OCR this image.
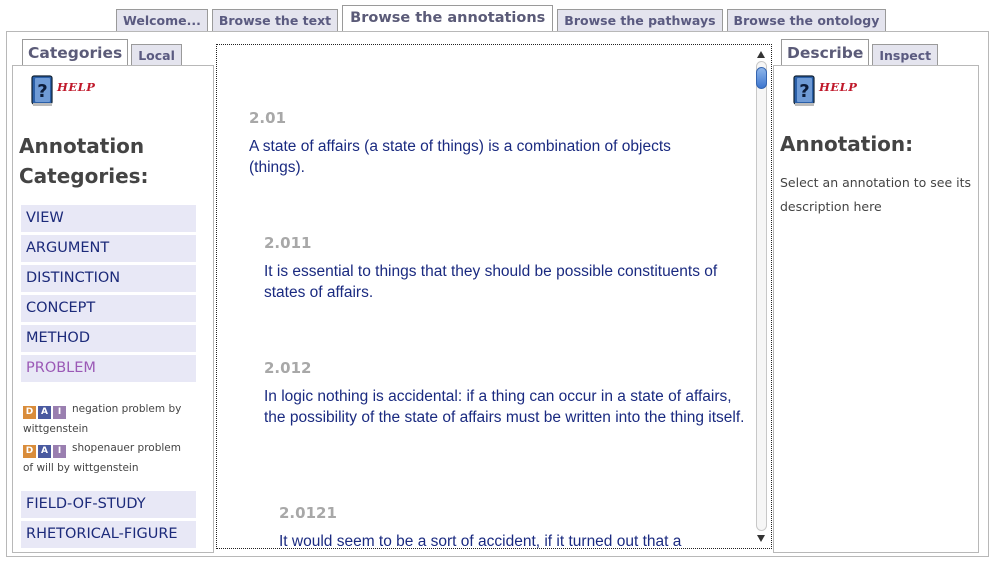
Welcome...	Browse the text	Browse the annotations	Browse the pathways	Browse the ontology
Categories	Local
? HELP
Annotation
Categories:
VIEW
ARGUMENT
DISTINCTION
CONCEPT
METHOD
PROBLEM
D A I negation problem by
wittgenstein
D A I shopenauer problem
of will by wittgenstein
FIELD-OF-STUDY
RHETORICAL-FIGURE
2.01
A state of affairs (a state of things) is a combination of objects (things).
2.011
It is essential to things that they should be possible constituents of states of affairs.
2.012
In logic nothing is accidental: if a thing can occur in a state of affairs, the possibility of the state of affairs must be written into the thing itself.
2.0121
It would seem to be a sort of accident, if it turned out that a
Describe	Inspect
? HELP
Annotation:
Select an annotation to see its description here
